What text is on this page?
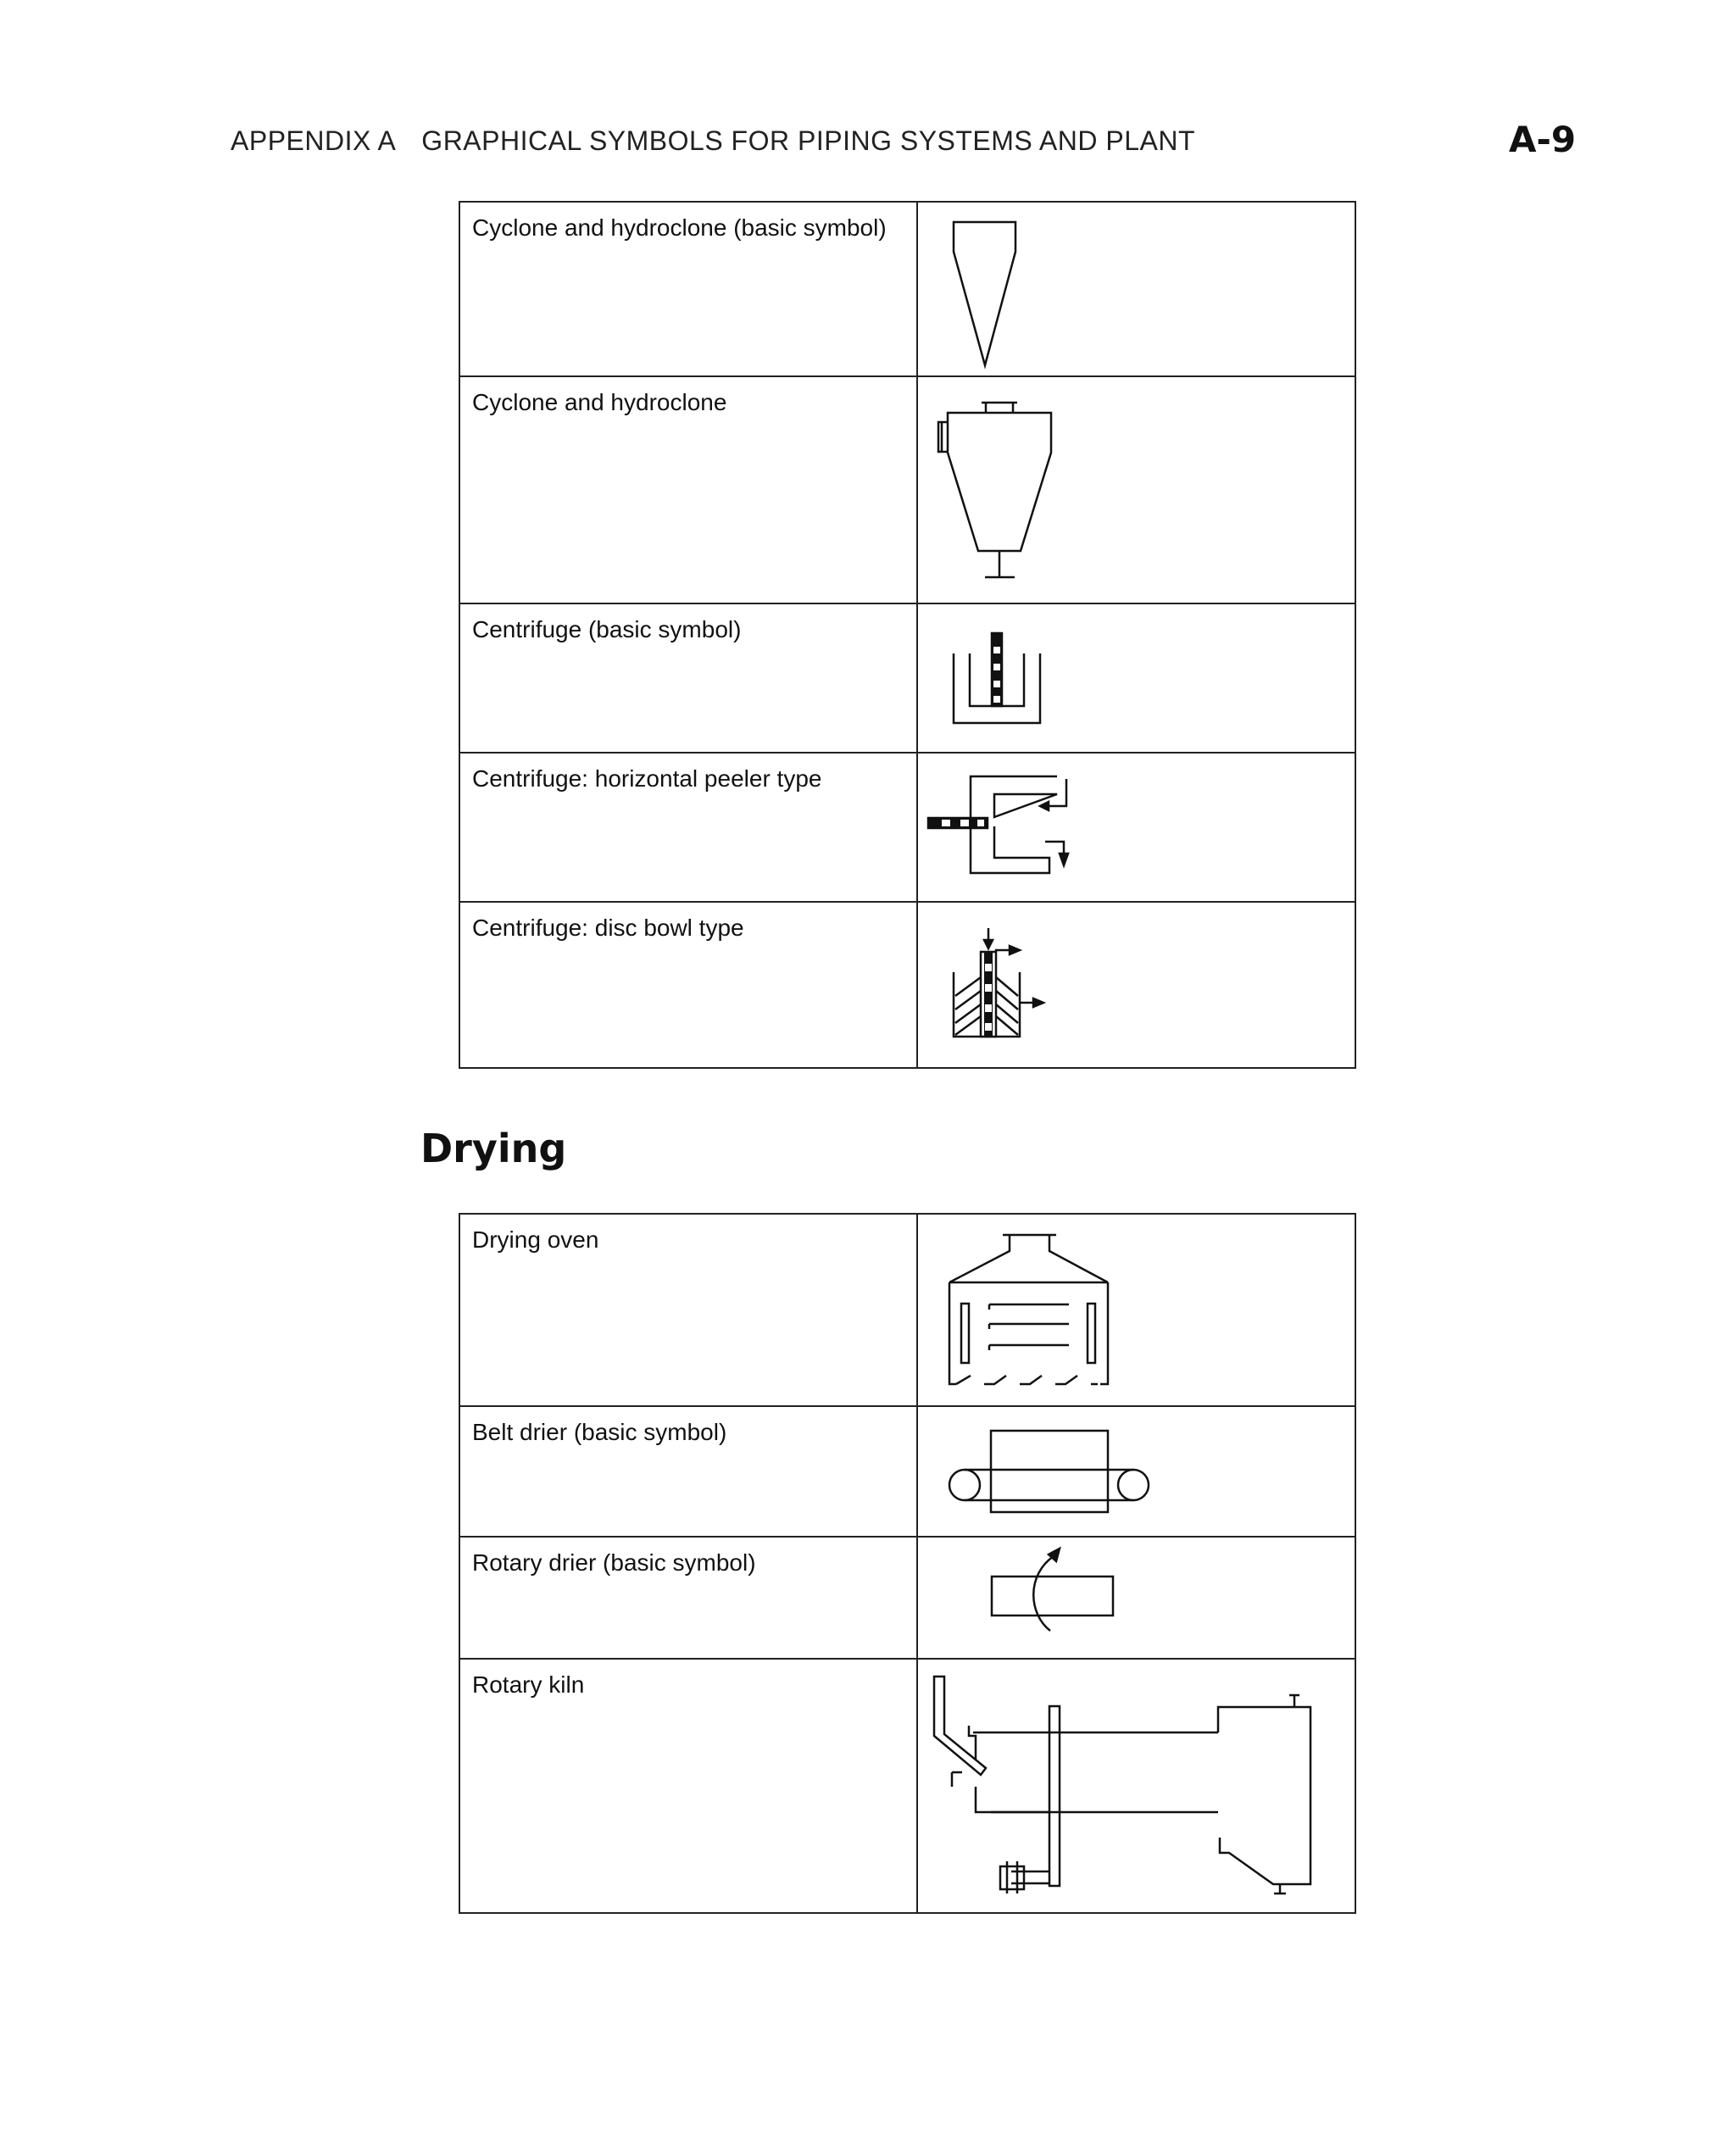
APPENDIX A GRAPHICAL SYMBOLS FOR PIPING SYSTEMS AND PLANT	A-9
Cyclone and hydroclone (basic symbol)	

Cyclone and hydroclone	

Centrifuge (basic symbol)	

Centrifuge: horizontal peeler type	

Centrifuge: disc bowl type	
Drying
Drying oven	

Belt drier (basic symbol)	

Rotary drier (basic symbol)	

Rotary kiln	
